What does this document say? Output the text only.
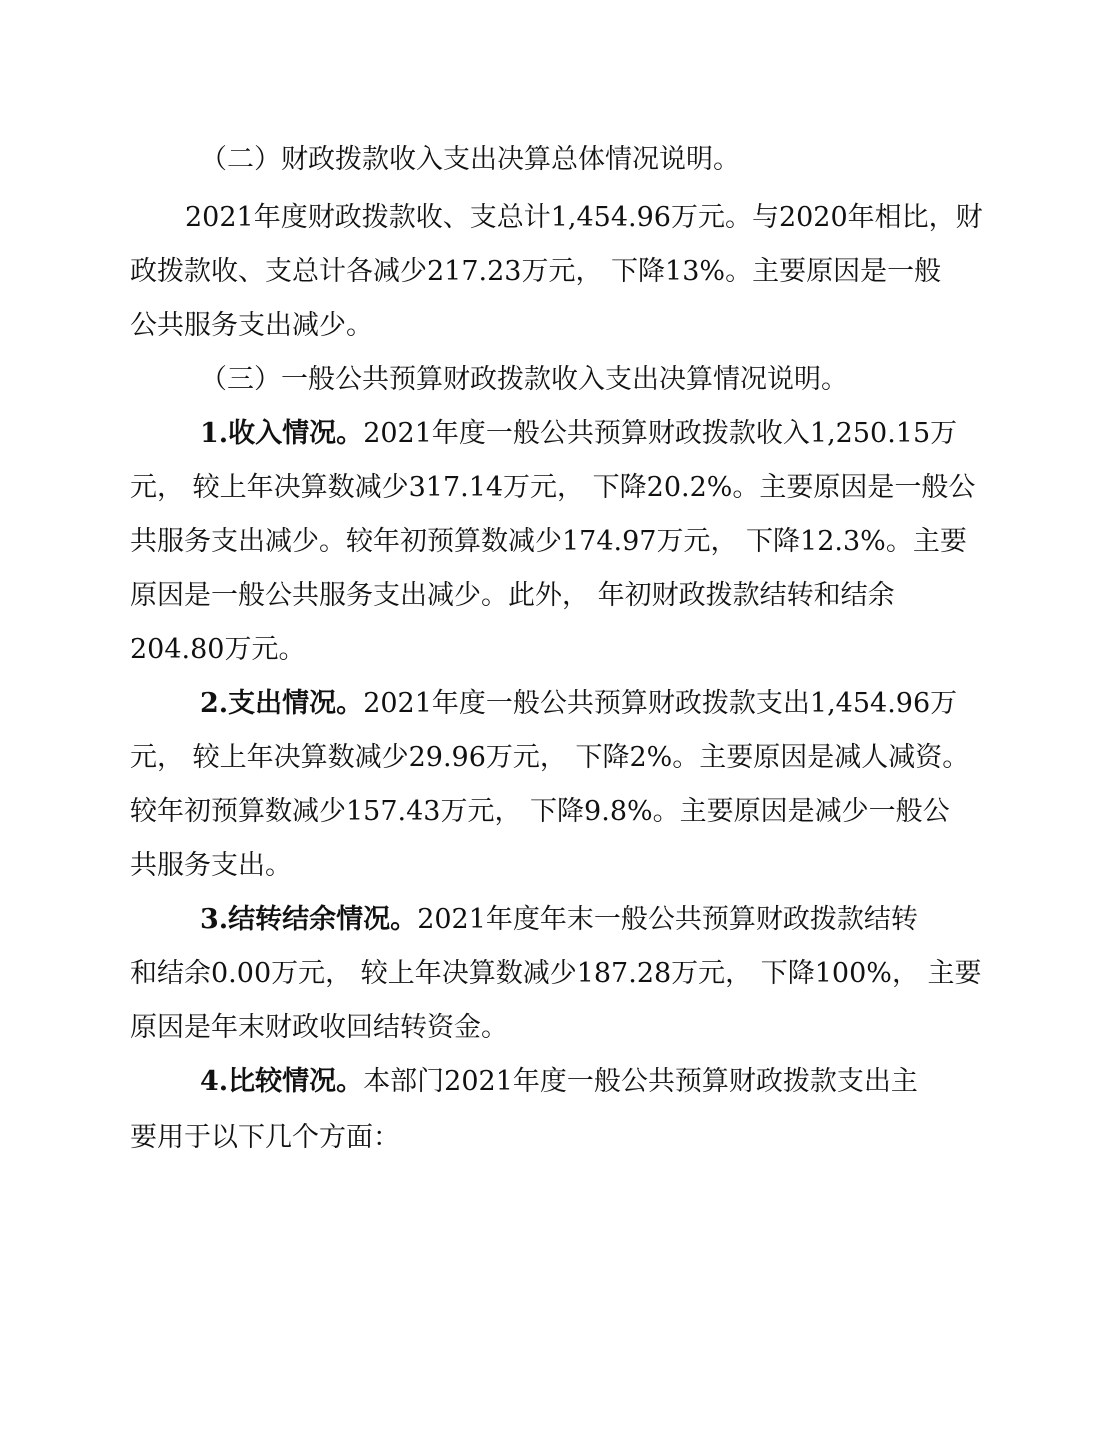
（二）财政拨款收入支出决算总体情况说明。
2021年度财政拨款收、支总计1,454.96万元。与2020年相比，财
政拨款收、支总计各减少217.23万元， 下降13%。主要原因是一般
公共服务支出减少。
（三）一般公共预算财政拨款收入支出决算情况说明。
1.收入情况。2021年度一般公共预算财政拨款收入1,250.15万
元， 较上年决算数减少317.14万元， 下降20.2%。主要原因是一般公
共服务支出减少。较年初预算数减少174.97万元， 下降12.3%。主要
原因是一般公共服务支出减少。此外， 年初财政拨款结转和结余
204.80万元。
2.支出情况。2021年度一般公共预算财政拨款支出1,454.96万
元， 较上年决算数减少29.96万元， 下降2%。主要原因是减人减资。
较年初预算数减少157.43万元， 下降9.8%。主要原因是减少一般公
共服务支出。
3.结转结余情况。2021年度年末一般公共预算财政拨款结转
和结余0.00万元， 较上年决算数减少187.28万元， 下降100%， 主要
原因是年末财政收回结转资金。
4.比较情况。本部门2021年度一般公共预算财政拨款支出主
要用于以下几个方面：
